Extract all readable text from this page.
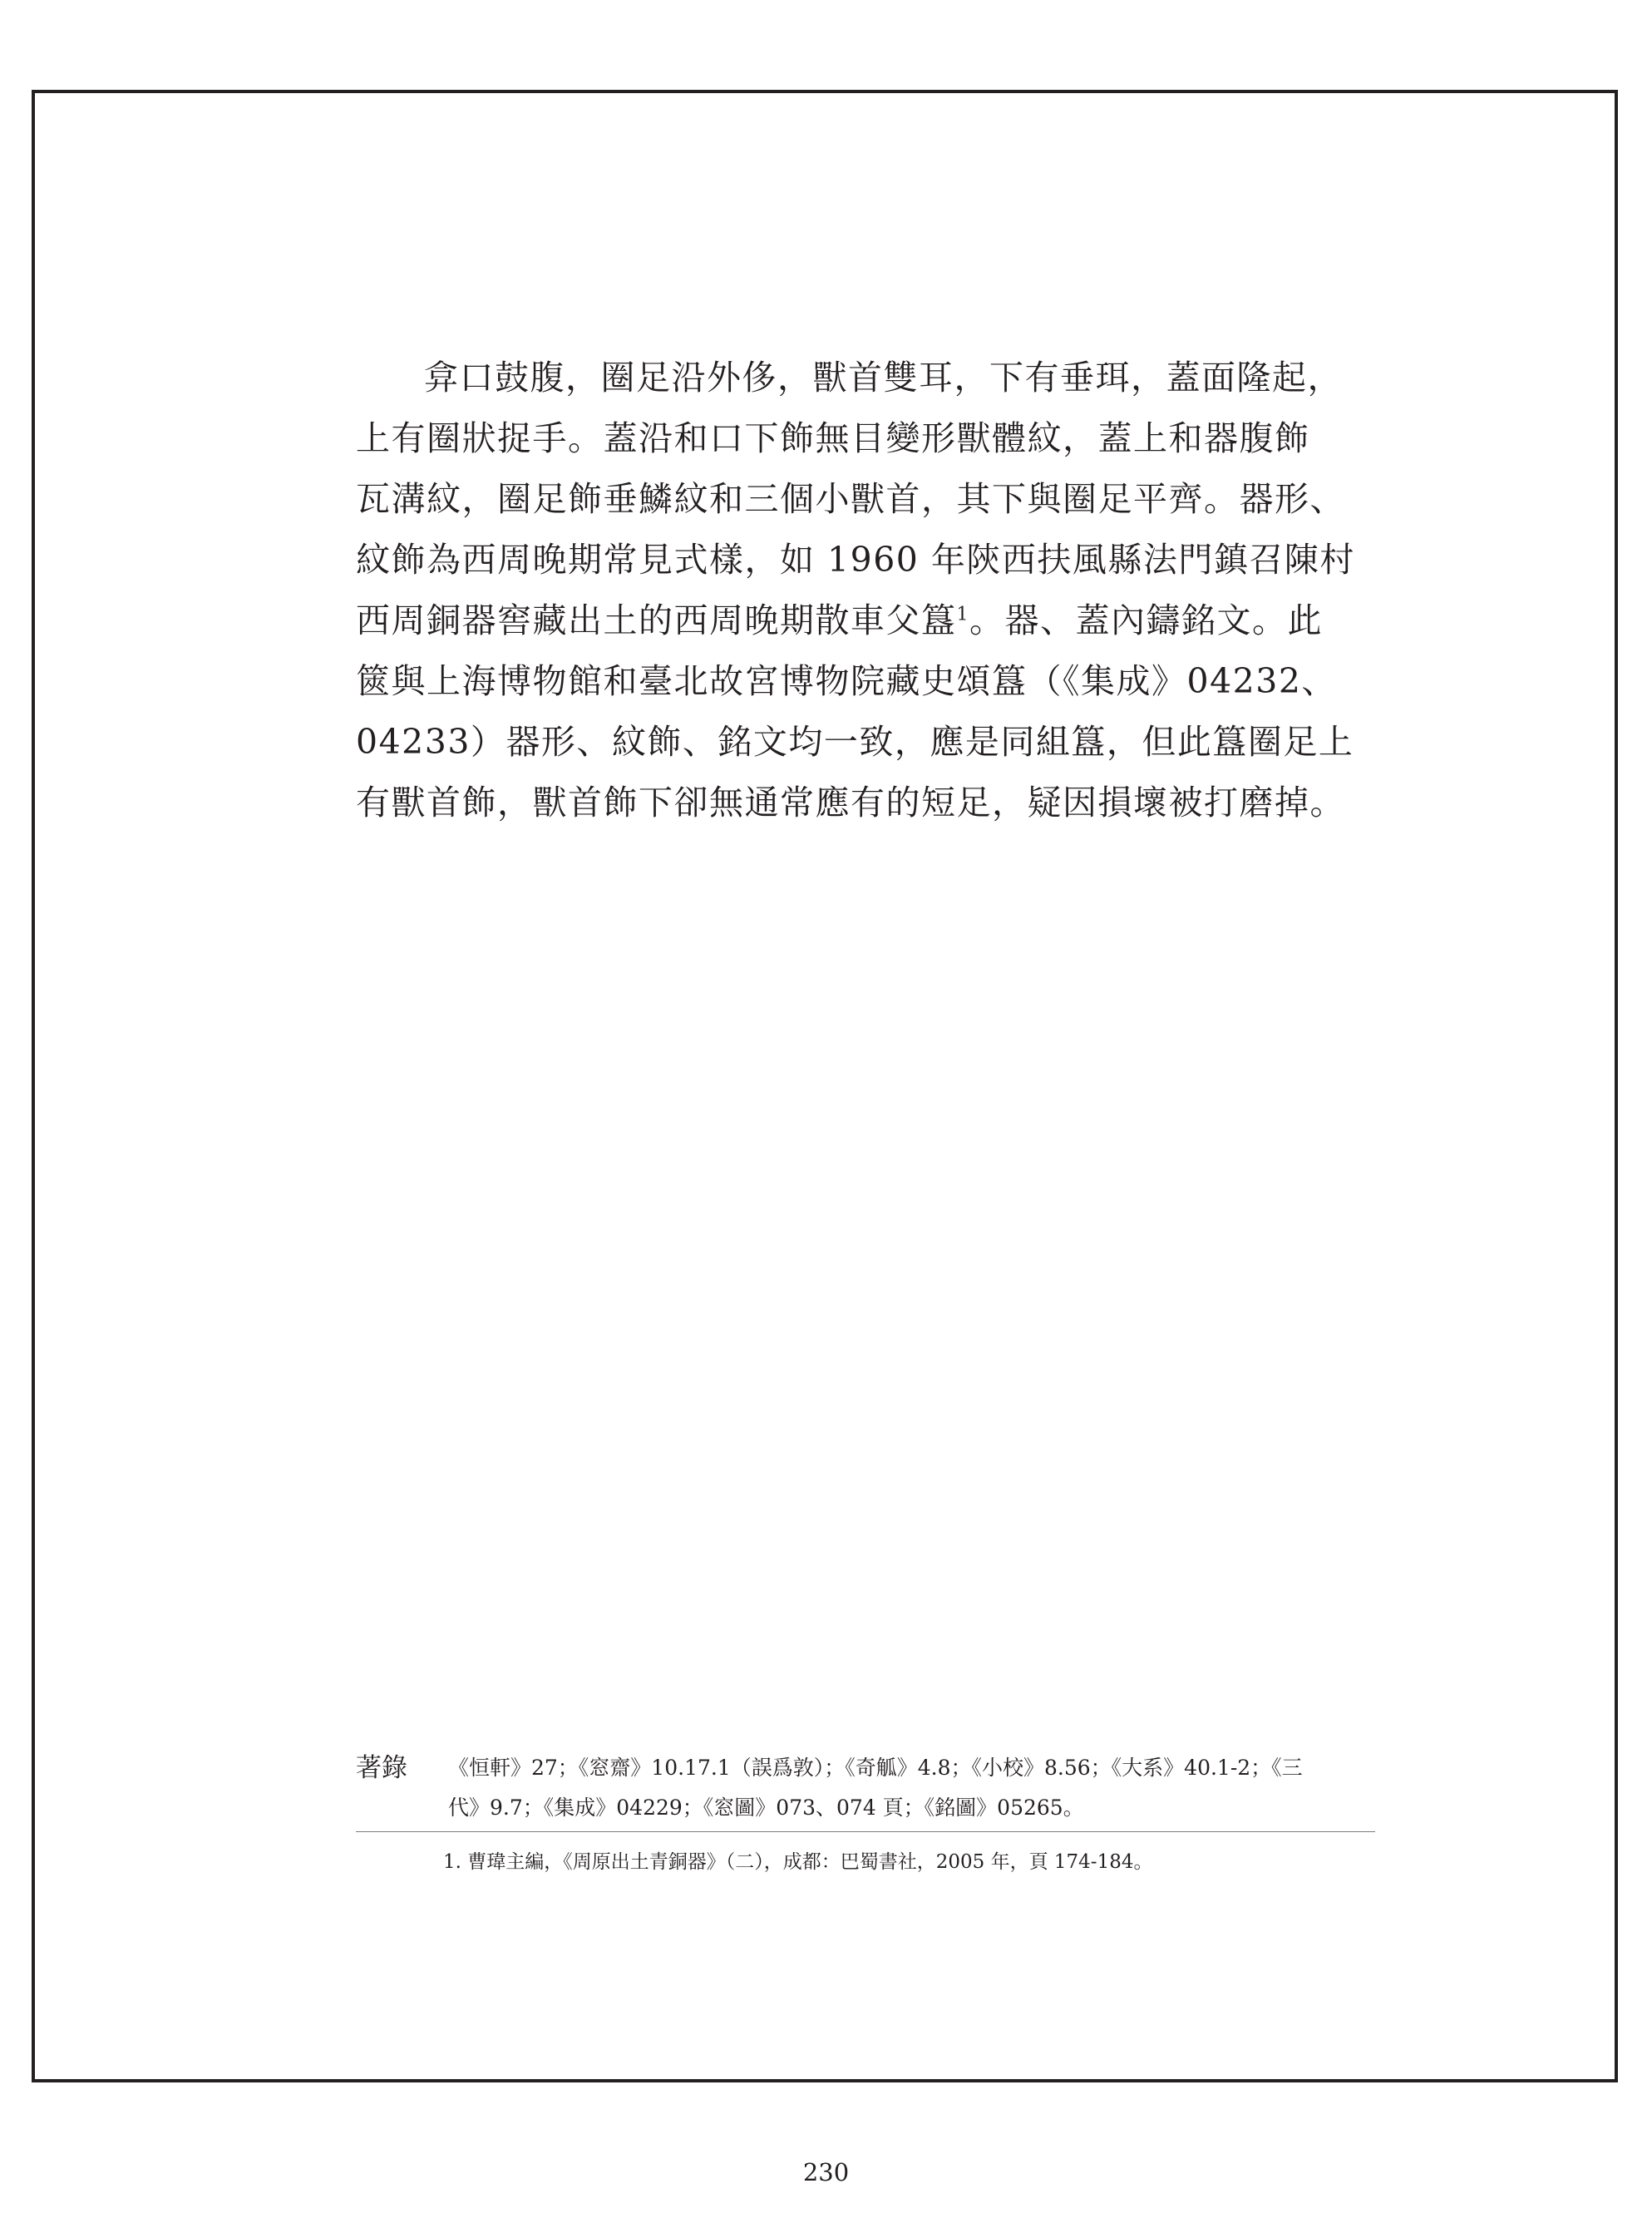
弇口鼓腹，圈足沿外侈，獸首雙耳，下有垂珥，蓋面隆起，
上有圈狀捉手。蓋沿和口下飾無目變形獸體紋，蓋上和器腹飾
瓦溝紋，圈足飾垂鱗紋和三個小獸首，其下與圈足平齊。器形、
紋飾為西周晚期常見式樣，如 1960 年陝西扶風縣法門鎮召陳村
西周銅器窖藏出土的西周晚期散車父簋$^1$。器、蓋內鑄銘文。此
篋與上海博物館和臺北故宮博物院藏史頌簋（《集成》04232、
04233）器形、紋飾、銘文均一致，應是同組簋，但此簋圈足上
有獸首飾，獸首飾下卻無通常應有的短足，疑因損壞被打磨掉。
著錄 《恒軒》27；《窓齋》10.17.1（誤爲敦）；《奇觚》4.8；《小校》8.56；《大系》40.1-2；《三
代》9.7；《集成》04229；《窓圖》073、074 頁；《銘圖》05265。
1. 曹瑋主編，《周原出土青銅器》（二），成都：巴蜀書社，2005 年，頁 174-184。
230
